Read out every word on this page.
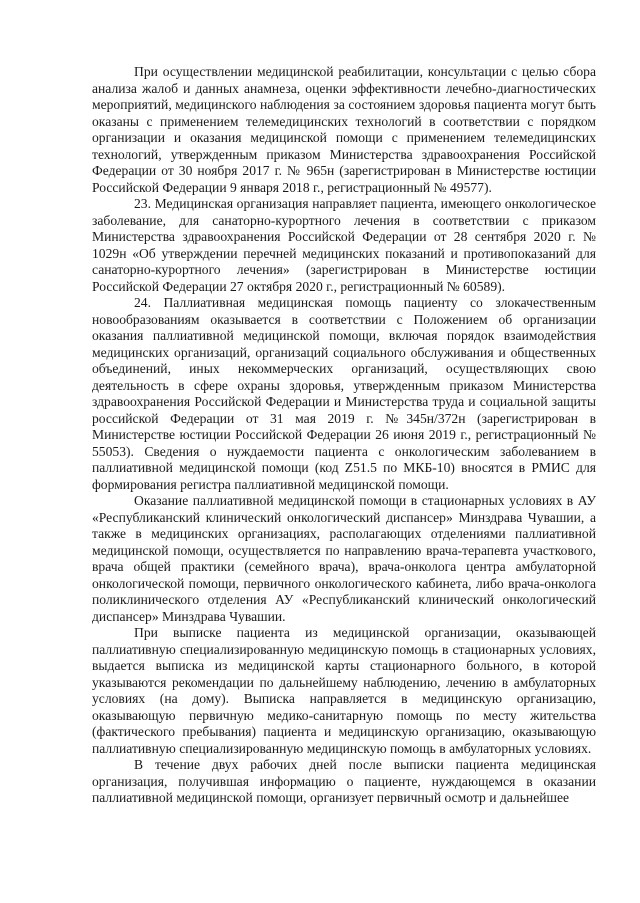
При осуществлении медицинской реабилитации, консультации с целью сбора анализа жалоб и данных анамнеза, оценки эффективности лечебно-диагностических мероприятий, медицинского наблюдения за состоянием здоровья пациента могут быть оказаны с применением телемедицинских технологий в соответствии с порядком организации и оказания медицинской помощи с применением телемедицинских технологий, утвержденным приказом Министерства здравоохранения Российской Федерации от 30 ноября 2017 г. № 965н (зарегистрирован в Министерстве юстиции Российской Федерации 9 января 2018 г., регистрационный № 49577).

23. Медицинская организация направляет пациента, имеющего онкологическое заболевание, для санаторно-курортного лечения в соответствии с приказом Министерства здравоохранения Российской Федерации от 28 сентября 2020 г. № 1029н «Об утверждении перечней медицинских показаний и противопоказаний для санаторно-курортного лечения» (зарегистрирован в Министерстве юстиции Российской Федерации 27 октября 2020 г., регистрационный № 60589).

24. Паллиативная медицинская помощь пациенту со злокачественным новообразованиям оказывается в соответствии с Положением об организации оказания паллиативной медицинской помощи, включая порядок взаимодействия медицинских организаций, организаций социального обслуживания и общественных объединений, иных некоммерческих организаций, осуществляющих свою деятельность в сфере охраны здоровья, утвержденным приказом Министерства здравоохранения Российской Федерации и Министерства труда и социальной защиты российской Федерации от 31 мая 2019 г. №345н/372н (зарегистрирован в Министерстве юстиции Российской Федерации 26 июня 2019 г., регистрационный № 55053). Сведения о нуждаемости пациента с онкологическим заболеванием в паллиативной медицинской помощи (код Z51.5 по МКБ-10) вносятся в РМИС для формирования регистра паллиативной медицинской помощи.

Оказание паллиативной медицинской помощи в стационарных условиях в АУ «Республиканский клинический онкологический диспансер» Минздрава Чувашии, а также в медицинских организациях, располагающих отделениями паллиативной медицинской помощи, осуществляется по направлению врача-терапевта участкового, врача общей практики (семейного врача), врача-онколога центра амбулаторной онкологической помощи, первичного онкологического кабинета, либо врача-онколога поликлинического отделения АУ «Республиканский клинический онкологический диспансер» Минздрава Чувашии.

При выписке пациента из медицинской организации, оказывающей паллиативную специализированную медицинскую помощь в стационарных условиях, выдается выписка из медицинской карты стационарного больного, в которой указываются рекомендации по дальнейшему наблюдению, лечению в амбулаторных условиях (на дому). Выписка направляется в медицинскую организацию, оказывающую первичную медико-санитарную помощь по месту жительства (фактического пребывания) пациента и медицинскую организацию, оказывающую паллиативную специализированную медицинскую помощь в амбулаторных условиях.

В течение двух рабочих дней после выписки пациента медицинская организация, получившая информацию о пациенте, нуждающемся в оказании паллиативной медицинской помощи, организует первичный осмотр и дальнейшее
